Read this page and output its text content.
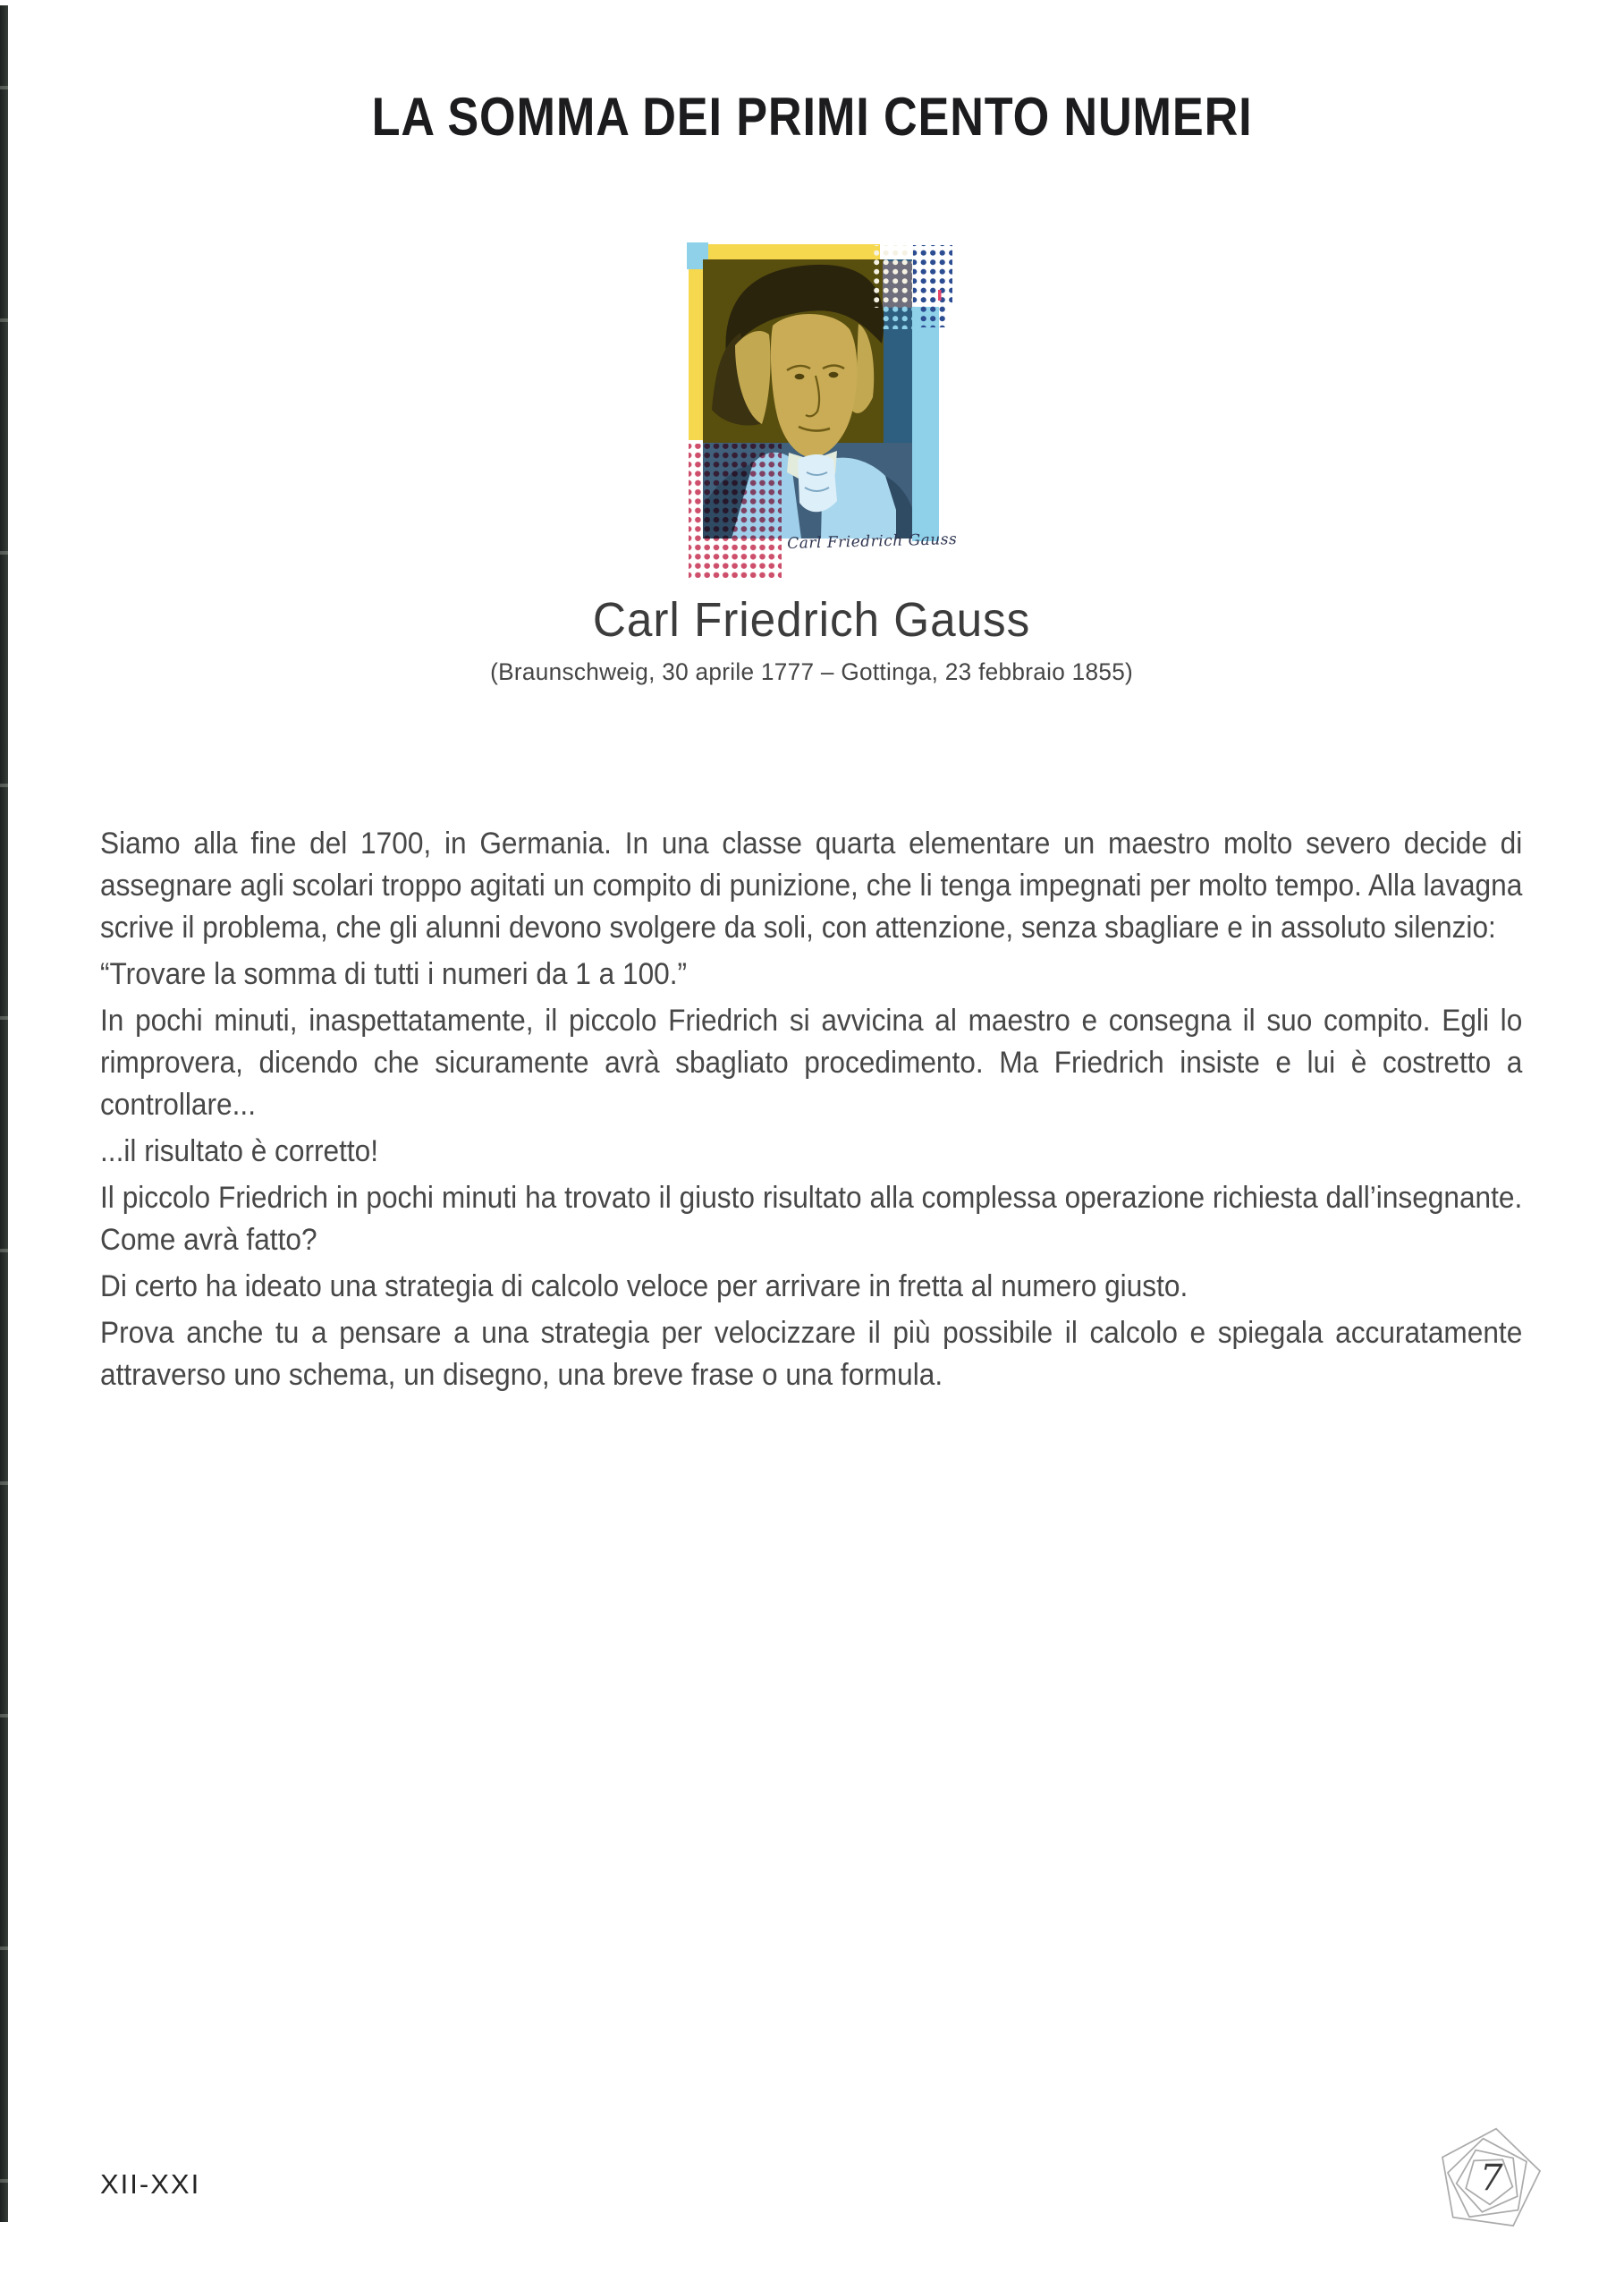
LA SOMMA DEI PRIMI CENTO NUMERI
Carl Friedrich Gauss
Carl Friedrich Gauss
(Braunschweig, 30 aprile 1777 – Gottinga, 23 febbraio 1855)

Siamo alla fine del 1700, in Germania. In una classe quarta elementare un maestro molto severo decide di assegnare agli scolari troppo agitati un compito di punizione, che li tenga impegnati per molto tempo. Alla lavagna scrive il problema, che gli alunni devono svolgere da soli, con attenzione, senza sbagliare e in assoluto silenzio:

“Trovare la somma di tutti i numeri da 1 a 100.”

In pochi minuti, inaspettatamente, il piccolo Friedrich si avvicina al maestro e consegna il suo compito. Egli lo rimprovera, dicendo che sicuramente avrà sbagliato procedimento. Ma Friedrich insiste e lui è costretto a controllare...

...il risultato è corretto!

Il piccolo Friedrich in pochi minuti ha trovato il giusto risultato alla complessa operazione richiesta dall’insegnante. Come avrà fatto?

Di certo ha ideato una strategia di calcolo veloce per arrivare in fretta al numero giusto.

Prova anche tu a pensare a una strategia per velocizzare il più possibile il calcolo e spiegala accuratamente attraverso uno schema, un disegno, una breve frase o una formula.

XII-XXI	7
